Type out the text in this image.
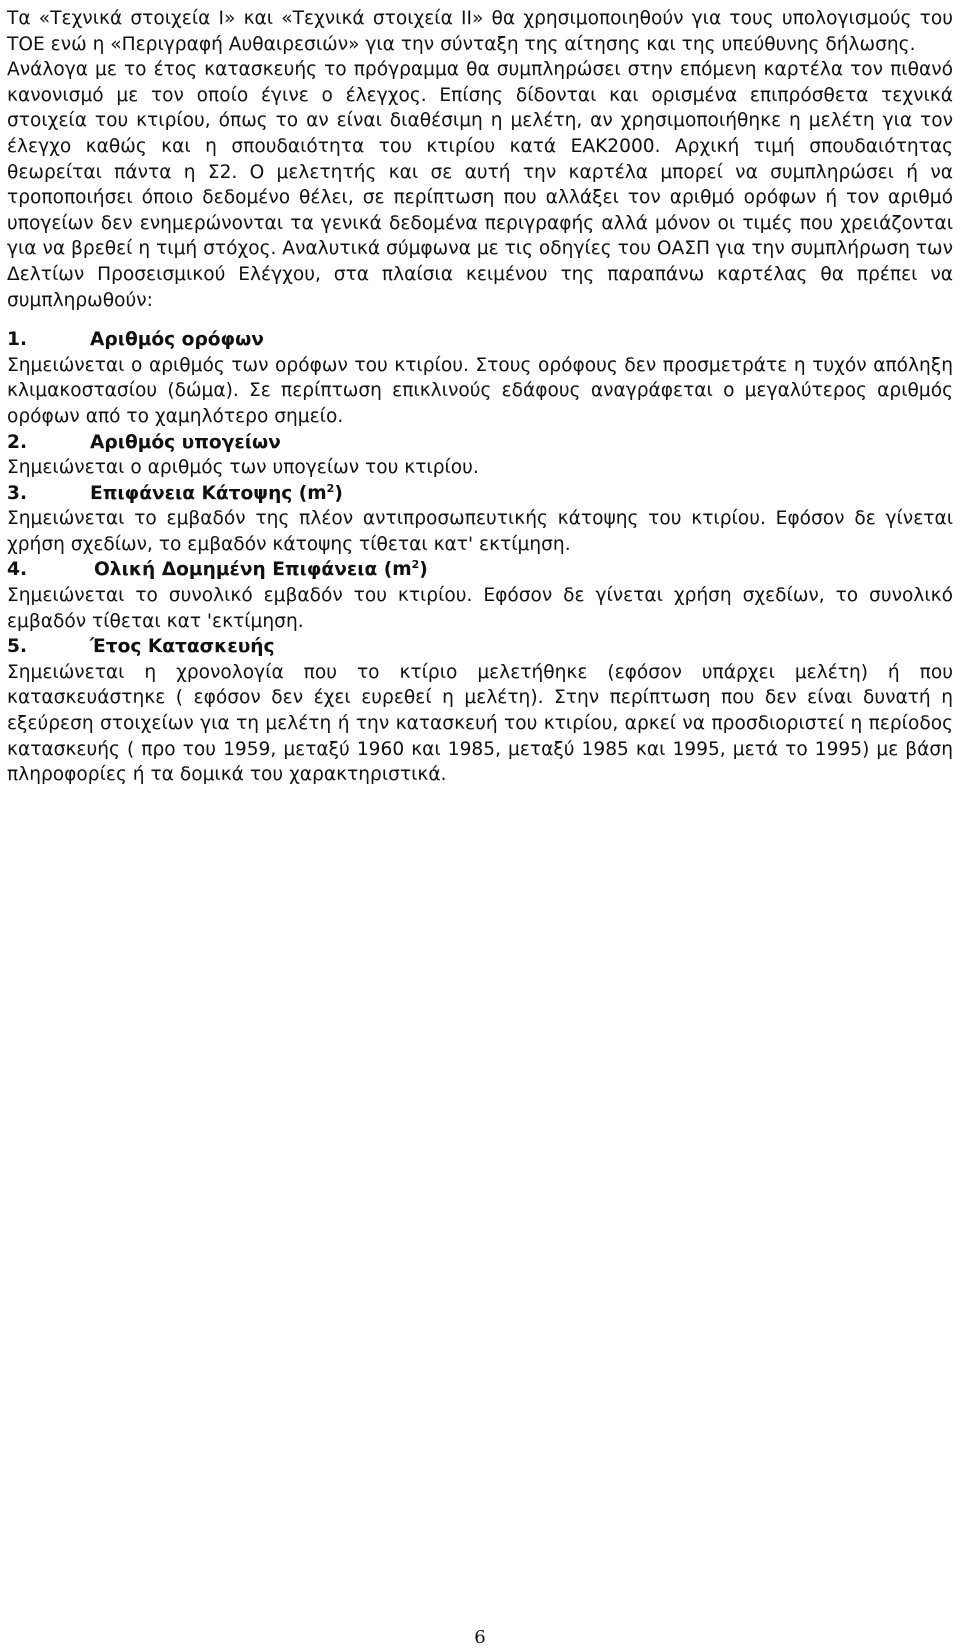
Τα «Τεχνικά στοιχεία Ι» και «Τεχνικά στοιχεία ΙΙ» θα χρησιμοποιηθούν για τους υπολογισμούς του ΤΟΕ ενώ η «Περιγραφή Αυθαιρεσιών» για την σύνταξη της αίτησης και της υπεύθυνης δήλωσης.

Ανάλογα με το έτος κατασκευής το πρόγραμμα θα συμπληρώσει στην επόμενη καρτέλα τον πιθανό κανονισμό με τον οποίο έγινε ο έλεγχος. Επίσης δίδονται και ορισμένα επιπρόσθετα τεχνικά στοιχεία του κτιρίου, όπως το αν είναι διαθέσιμη η μελέτη, αν χρησιμοποιήθηκε η μελέτη για τον έλεγχο καθώς και η σπουδαιότητα του κτιρίου κατά ΕΑΚ2000. Αρχική τιμή σπουδαιότητας θεωρείται πάντα η Σ2. Ο μελετητής και σε αυτή την καρτέλα μπορεί να συμπληρώσει ή να τροποποιήσει όποιο δεδομένο θέλει, σε περίπτωση που αλλάξει τον αριθμό ορόφων ή τον αριθμό υπογείων δεν ενημερώνονται τα γενικά δεδομένα περιγραφής αλλά μόνον οι τιμές που χρειάζονται για να βρεθεί η τιμή στόχος. Αναλυτικά σύμφωνα με τις οδηγίες του ΟΑΣΠ για την συμπλήρωση των Δελτίων Προσεισμικού Ελέγχου, στα πλαίσια κειμένου της παραπάνω καρτέλας θα πρέπει να συμπληρωθούν:

1.	Αριθμός ορόφων

Σημειώνεται ο αριθμός των ορόφων του κτιρίου. Στους ορόφους δεν προσμετράτε η τυχόν απόληξη κλιμακοστασίου (δώμα). Σε περίπτωση επικλινούς εδάφους αναγράφεται ο μεγαλύτερος αριθμός ορόφων από το χαμηλότερο σημείο.

2.	Αριθμός υπογείων

Σημειώνεται ο αριθμός των υπογείων του κτιρίου.

3.	Επιφάνεια Κάτοψης $(m^2)$

Σημειώνεται το εμβαδόν της πλέον αντιπροσωπευτικής κάτοψης του κτιρίου. Εφόσον δε γίνεται χρήση σχεδίων, το εμβαδόν κάτοψης τίθεται κατ' εκτίμηση.

4.	Ολική Δομημένη Επιφάνεια $(m^2)$

Σημειώνεται το συνολικό εμβαδόν του κτιρίου. Εφόσον δε γίνεται χρήση σχεδίων, το συνολικό εμβαδόν τίθεται κατ 'εκτίμηση.

5.	Έτος Κατασκευής

Σημειώνεται η χρονολογία που το κτίριο μελετήθηκε (εφόσον υπάρχει μελέτη) ή που κατασκευάστηκε ( εφόσον δεν έχει ευρεθεί η μελέτη). Στην περίπτωση που δεν είναι δυνατή η εξεύρεση στοιχείων για τη μελέτη ή την κατασκευή του κτιρίου, αρκεί να προσδιοριστεί η περίοδος κατασκευής ( προ του 1959, μεταξύ 1960 και 1985, μεταξύ 1985 και 1995, μετά το 1995) με βάση πληροφορίες ή τα δομικά του χαρακτηριστικά.

6
